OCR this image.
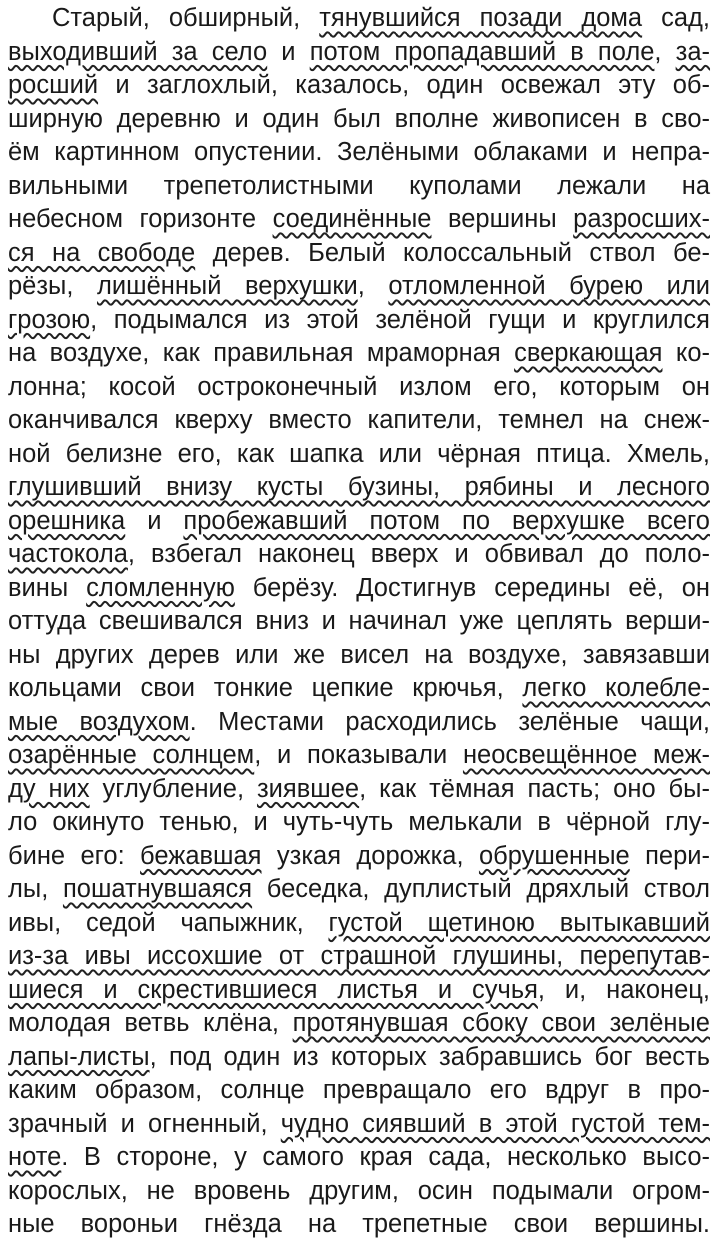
Старый, обширный, тянувшийся позади дома сад,
выходивший за село и потом пропадавший в поле, за-
росший и заглохлый, казалось, один освежал эту об-
ширную деревню и один был вполне живописен в сво-
ём картинном опустении. Зелёными облаками и непра-
вильными трепетолистными куполами лежали на
небесном горизонте соединённые вершины разросших-
ся на свободе дерев. Белый колоссальный ствол бе-
рёзы, лишённый верхушки, отломленной бурею или
грозою, подымался из этой зелёной гущи и круглился
на воздухе, как правильная мраморная сверкающая ко-
лонна; косой остроконечный излом его, которым он
оканчивался кверху вместо капители, темнел на снеж-
ной белизне его, как шапка или чёрная птица. Хмель,
глушивший внизу кусты бузины, рябины и лесного
орешника и пробежавший потом по верхушке всего
частокола, взбегал наконец вверх и обвивал до поло-
вины сломленную берёзу. Достигнув середины её, он
оттуда свешивался вниз и начинал уже цеплять верши-
ны других дерев или же висел на воздухе, завязавши
кольцами свои тонкие цепкие крючья, легко колебле-
мые воздухом. Местами расходились зелёные чащи,
озарённые солнцем, и показывали неосвещённое меж-
ду них углубление, зиявшее, как тёмная пасть; оно бы-
ло окинуто тенью, и чуть-чуть мелькали в чёрной глу-
бине его: бежавшая узкая дорожка, обрушенные пери-
лы, пошатнувшаяся беседка, дуплистый дряхлый ствол
ивы, седой чапыжник, густой щетиною вытыкавший
из-за ивы иссохшие от страшной глушины, перепутав-
шиеся и скрестившиеся листья и сучья, и, наконец,
молодая ветвь клёна, протянувшая сбоку свои зелёные
лапы-листы, под один из которых забравшись бог весть
каким образом, солнце превращало его вдруг в про-
зрачный и огненный, чудно сиявший в этой густой тем-
ноте. В стороне, у самого края сада, несколько высо-
корослых, не вровень другим, осин подымали огром-
ные вороньи гнёзда на трепетные свои вершины.
